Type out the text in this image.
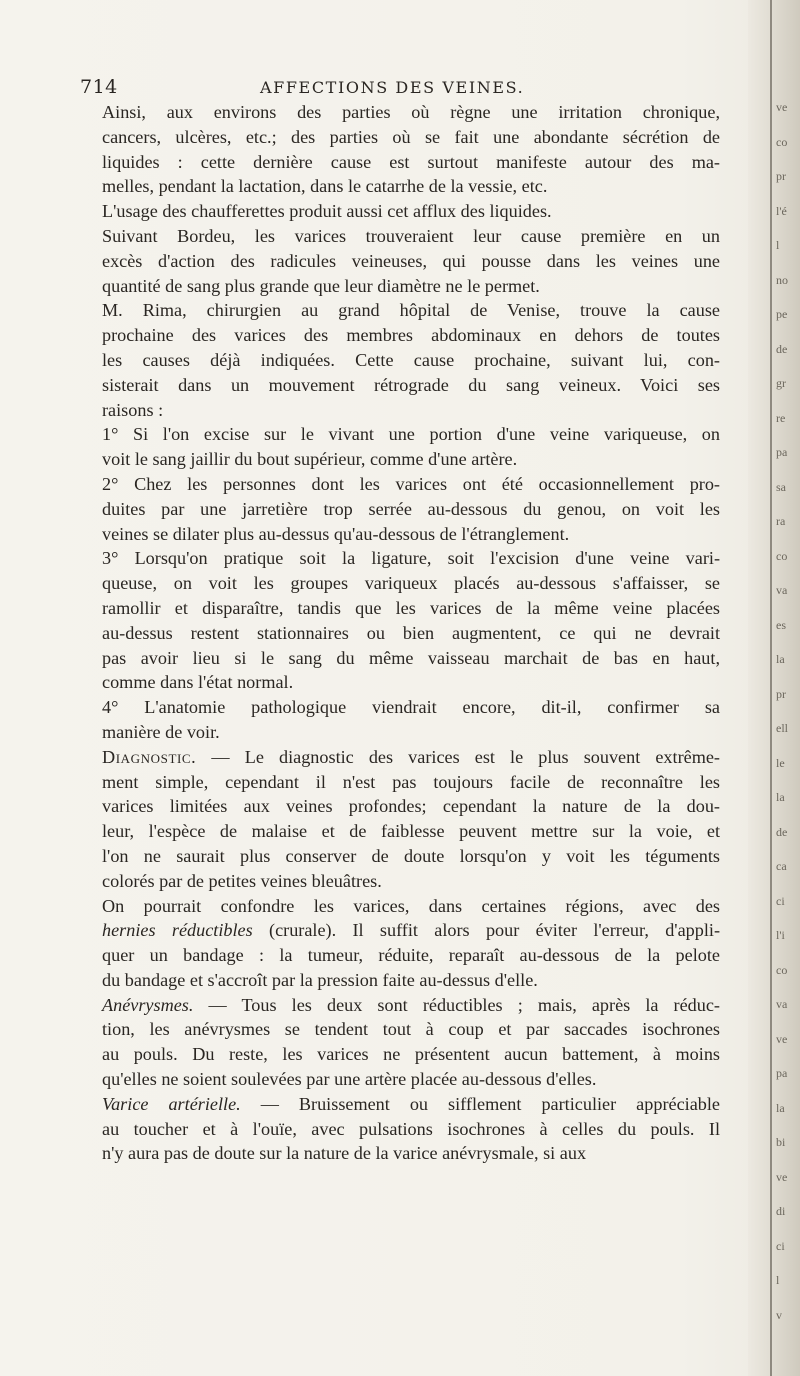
714	AFFECTIONS DES VEINES.

Ainsi, aux environs des parties où règne une irritation chronique,
cancers, ulcères, etc.; des parties où se fait une abondante sécrétion de
liquides : cette dernière cause est surtout manifeste autour des ma-
melles, pendant la lactation, dans le catarrhe de la vessie, etc.

L'usage des chaufferettes produit aussi cet afflux des liquides.

Suivant Bordeu, les varices trouveraient leur cause première en un
excès d'action des radicules veineuses, qui pousse dans les veines une
quantité de sang plus grande que leur diamètre ne le permet.

M. Rima, chirurgien au grand hôpital de Venise, trouve la cause
prochaine des varices des membres abdominaux en dehors de toutes
les causes déjà indiquées. Cette cause prochaine, suivant lui, con-
sisterait dans un mouvement rétrograde du sang veineux. Voici ses
raisons :

1° Si l'on excise sur le vivant une portion d'une veine variqueuse, on
voit le sang jaillir du bout supérieur, comme d'une artère.

2° Chez les personnes dont les varices ont été occasionnellement pro-
duites par une jarretière trop serrée au-dessous du genou, on voit les
veines se dilater plus au-dessus qu'au-dessous de l'étranglement.

3° Lorsqu'on pratique soit la ligature, soit l'excision d'une veine vari-
queuse, on voit les groupes variqueux placés au-dessous s'affaisser, se
ramollir et disparaître, tandis que les varices de la même veine placées
au-dessus restent stationnaires ou bien augmentent, ce qui ne devrait
pas avoir lieu si le sang du même vaisseau marchait de bas en haut,
comme dans l'état normal.

4° L'anatomie pathologique viendrait encore, dit-il, confirmer sa
manière de voir.

Diagnostic. — Le diagnostic des varices est le plus souvent extrême-
ment simple, cependant il n'est pas toujours facile de reconnaître les
varices limitées aux veines profondes; cependant la nature de la dou-
leur, l'espèce de malaise et de faiblesse peuvent mettre sur la voie, et
l'on ne saurait plus conserver de doute lorsqu'on y voit les téguments
colorés par de petites veines bleuâtres.

On pourrait confondre les varices, dans certaines régions, avec des
hernies réductibles (crurale). Il suffit alors pour éviter l'erreur, d'appli-
quer un bandage : la tumeur, réduite, reparaît au-dessous de la pelote
du bandage et s'accroît par la pression faite au-dessus d'elle.

Anévrysmes. — Tous les deux sont réductibles ; mais, après la réduc-
tion, les anévrysmes se tendent tout à coup et par saccades isochrones
au pouls. Du reste, les varices ne présentent aucun battement, à moins
qu'elles ne soient soulevées par une artère placée au-dessous d'elles.

Varice artérielle. — Bruissement ou sifflement particulier appréciable
au toucher et à l'ouïe, avec pulsations isochrones à celles du pouls. Il
n'y aura pas de doute sur la nature de la varice anévrysmale, si aux

ve
co
pr
l'é
l
no
pe
de
gr
re
pa
sa
ra
co
va
es
la
pr
ell
le
la
de
ca
ci
l'i
co
va
ve
pa
la
bi
ve
di
ci
l
v
